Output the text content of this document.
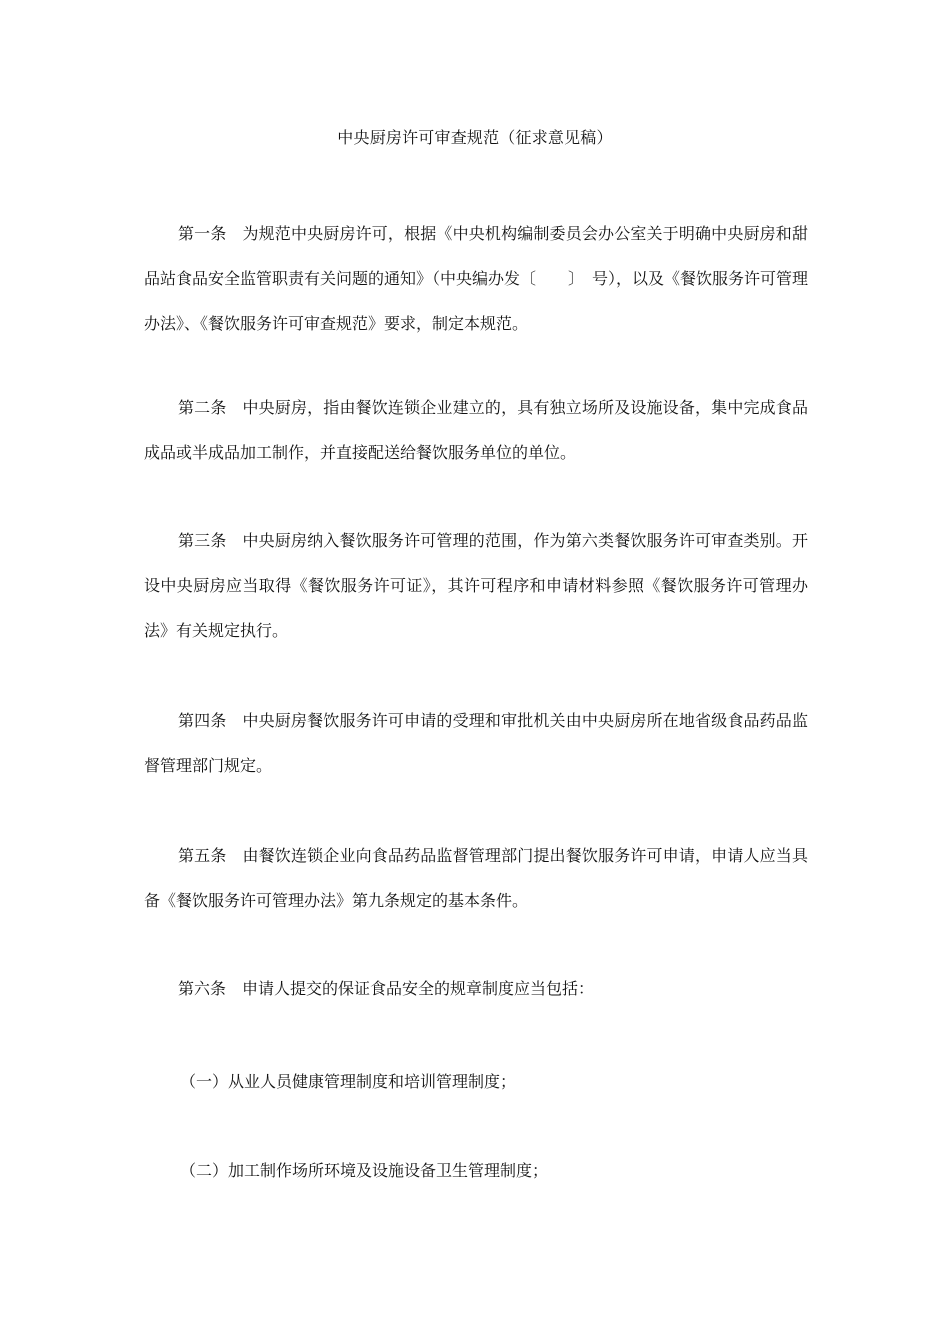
中央厨房许可审查规范（征求意见稿）

第一条 为规范中央厨房许可，根据《中央机构编制委员会办公室关于明确中央厨房和甜品站食品安全监管职责有关问题的通知》（中央编办发〔　　〕　号），以及《餐饮服务许可管理办法》、《餐饮服务许可审查规范》要求，制定本规范。

第二条 中央厨房，指由餐饮连锁企业建立的，具有独立场所及设施设备，集中完成食品成品或半成品加工制作，并直接配送给餐饮服务单位的单位。

第三条 中央厨房纳入餐饮服务许可管理的范围，作为第六类餐饮服务许可审查类别。开设中央厨房应当取得《餐饮服务许可证》，其许可程序和申请材料参照《餐饮服务许可管理办法》有关规定执行。

第四条 中央厨房餐饮服务许可申请的受理和审批机关由中央厨房所在地省级食品药品监督管理部门规定。

第五条 由餐饮连锁企业向食品药品监督管理部门提出餐饮服务许可申请，申请人应当具备《餐饮服务许可管理办法》第九条规定的基本条件。

第六条 申请人提交的保证食品安全的规章制度应当包括：

（一）从业人员健康管理制度和培训管理制度；

（二）加工制作场所环境及设施设备卫生管理制度；
